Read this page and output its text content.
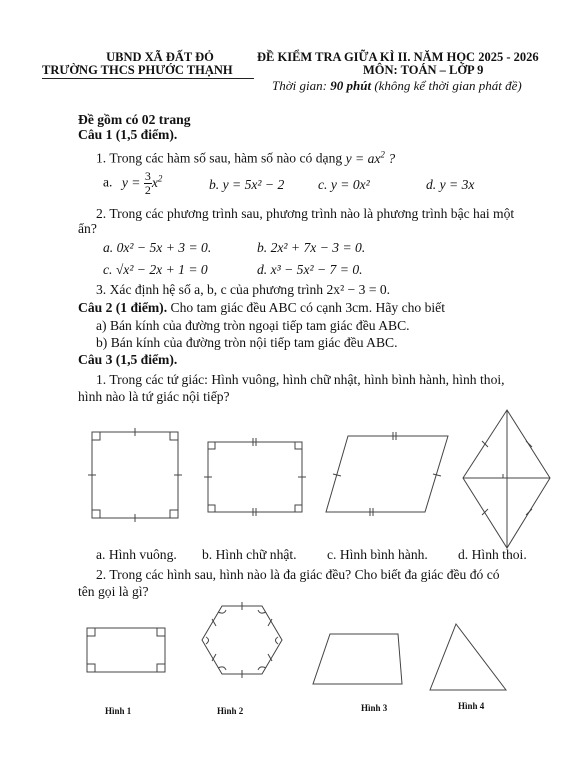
UBND XÃ ĐẤT ĐỎ
TRƯỜNG THCS PHƯỚC THẠNH
ĐỀ KIỂM TRA GIỮA KÌ II. NĂM HỌC 2025 - 2026
MÔN: TOÁN – LỚP 9
Thời gian: 90 phút (không kể thời gian phát đề)
Đề gồm có 02 trang
Câu 1 (1,5 điểm).
1. Trong các hàm số sau, hàm số nào có dạng $y = ax^2$ ?
a. $y = \frac{3}{2} x^2$	b. y = 5x² − 2 c. y = 0x²	d. y = 3x
2. Trong các phương trình sau, phương trình nào là phương trình bậc hai một
ẩn?
a. 0x² − 5x + 3 = 0.	b. 2x² + 7x − 3 = 0.
c. √x² − 2x + 1 = 0	d. x³ − 5x² − 7 = 0.
3. Xác định hệ số a, b, c của phương trình 2x² − 3 = 0.
Câu 2 (1 điểm). Cho tam giác đều ABC có cạnh 3cm. Hãy cho biết
a) Bán kính của đường tròn ngoại tiếp tam giác đều ABC.
b) Bán kính của đường tròn nội tiếp tam giác đều ABC.
Câu 3 (1,5 điểm).
1. Trong các tứ giác: Hình vuông, hình chữ nhật, hình bình hành, hình thoi,
hình nào là tứ giác nội tiếp?
a. Hình vuông. b. Hình chữ nhật. c. Hình bình hành. d. Hình thoi.
2. Trong các hình sau, hình nào là đa giác đều? Cho biết đa giác đều đó có
tên gọi là gì?
Hình 1	Hình 2	Hình 3	Hình 4
